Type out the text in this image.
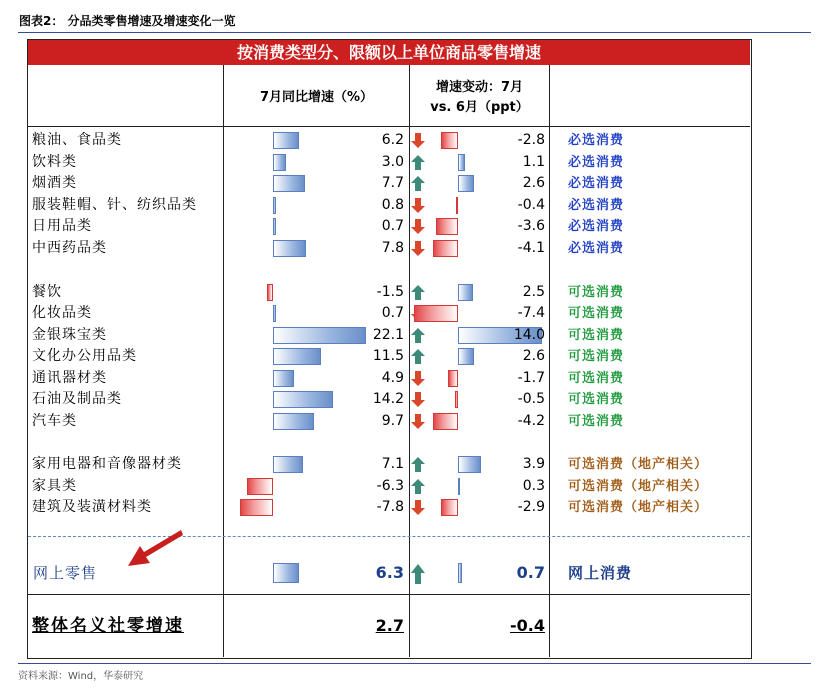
图表2： 分品类零售增速及增速变化一览
按消费类型分、限额以上单位商品零售增速
7月同比增速（%）
增速变动：7月
vs. 6月（ppt）
粮油、食品类	6.2	-2.8 必选消费
饮料类	3.0	1.1 必选消费
烟酒类	7.7	2.6 必选消费
服装鞋帽、针、纺织品类	0.8	-0.4 必选消费
日用品类	0.7	-3.6 必选消费
中西药品类	7.8	-4.1 必选消费
餐饮	-1.5	2.5 可选消费
化妆品类	0.7	-7.4 可选消费
金银珠宝类	22.1	14.0 可选消费
文化办公用品类	11.5	2.6 可选消费
通讯器材类	4.9	-1.7 可选消费
石油及制品类	14.2	-0.5 可选消费
汽车类	9.7	-4.2 可选消费
家用电器和音像器材类	7.1	3.9 可选消费（地产相关）
家具类	-6.3	0.3 可选消费（地产相关）
建筑及装潢材料类	-7.8	-2.9 可选消费（地产相关）
网上零售	6.3	0.7 网上消费
整体名义社零增速	2.7	-0.4
资料来源：Wind，华泰研究
